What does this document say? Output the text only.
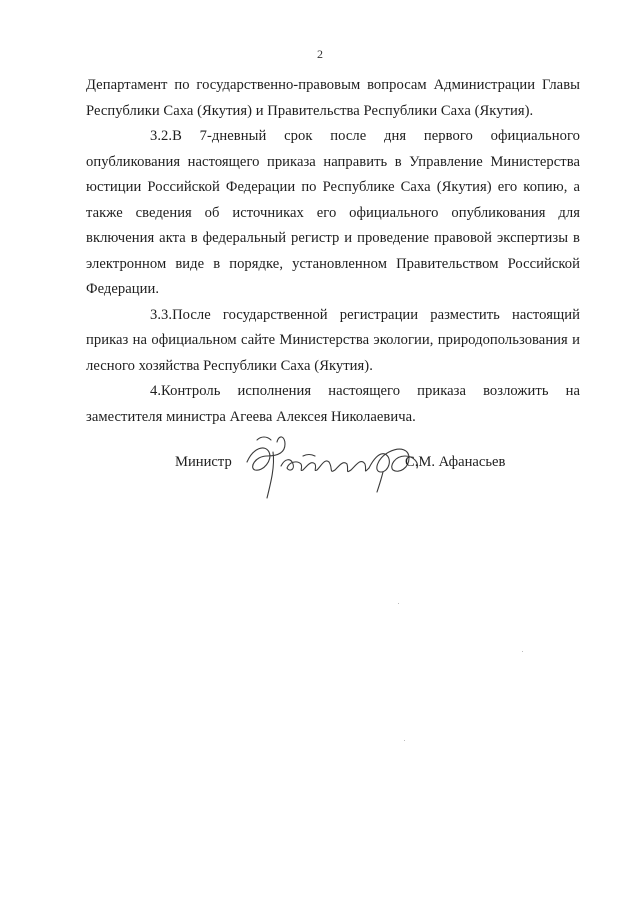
2

Департамент по государственно-правовым вопросам Администрации Главы Республики Саха (Якутия) и Правительства Республики Саха (Якутия).

3.2.В 7-дневный срок после дня первого официального опубликования настоящего приказа направить в Управление Министерства юстиции Российской Федерации по Республике Саха (Якутия) его копию, а также сведения об источниках его официального опубликования для включения акта в федеральный регистр и проведение правовой экспертизы в электронном виде в порядке, установленном Правительством Российской Федерации.

3.3.После государственной регистрации разместить настоящий приказ на официальном сайте Министерства экологии, природопользования и лесного хозяйства Республики Саха (Якутия).

4.Контроль исполнения настоящего приказа возложить на заместителя министра Агеева Алексея Николаевича.

Министр	С.М. Афанасьев
